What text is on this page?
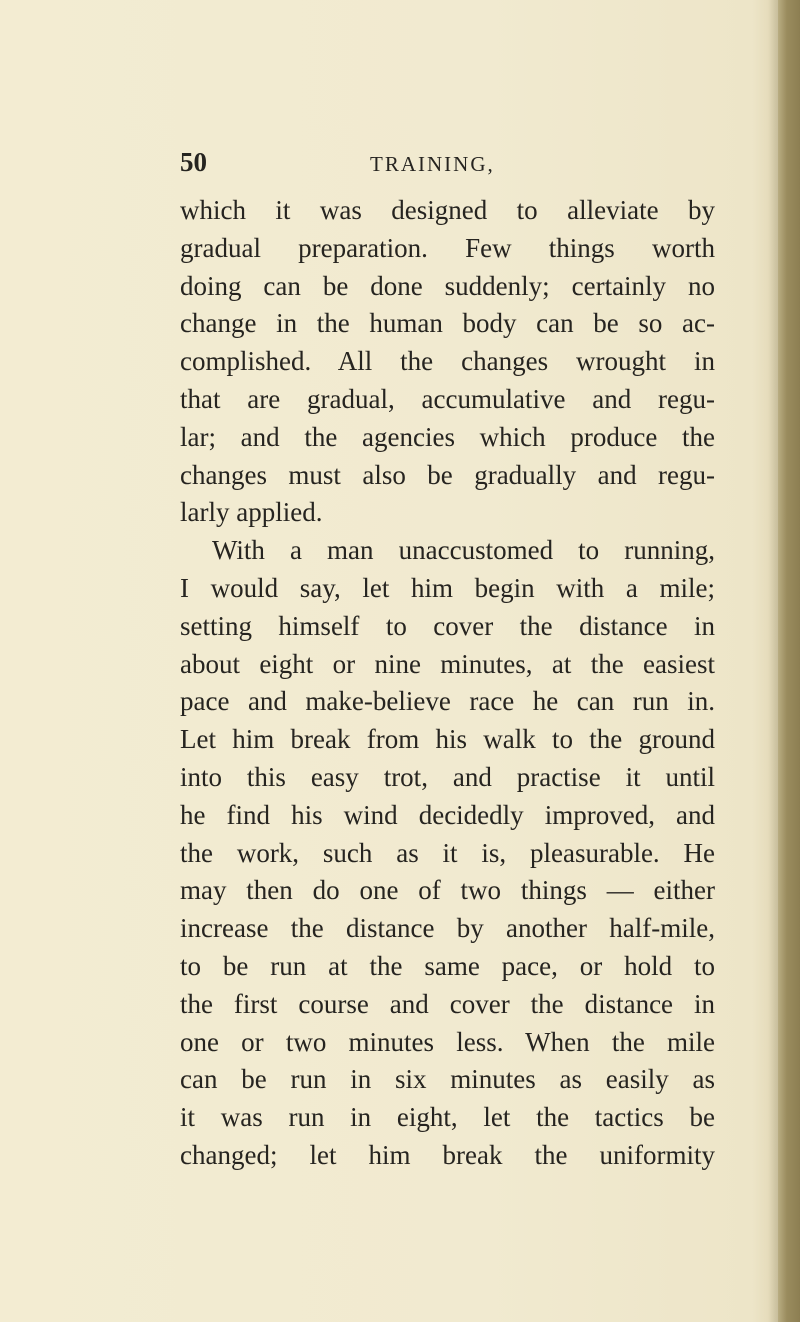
50	TRAINING,
which it was designed to alleviate by
gradual preparation. Few things worth
doing can be done suddenly; certainly no
change in the human body can be so ac-
complished. All the changes wrought in
that are gradual, accumulative and regu-
lar; and the agencies which produce the
changes must also be gradually and regu-
larly applied.
With a man unaccustomed to running,
I would say, let him begin with a mile;
setting himself to cover the distance in
about eight or nine minutes, at the easiest
pace and make-believe race he can run in.
Let him break from his walk to the ground
into this easy trot, and practise it until
he find his wind decidedly improved, and
the work, such as it is, pleasurable. He
may then do one of two things — either
increase the distance by another half-mile,
to be run at the same pace, or hold to
the first course and cover the distance in
one or two minutes less. When the mile
can be run in six minutes as easily as
it was run in eight, let the tactics be
changed; let him break the uniformity
